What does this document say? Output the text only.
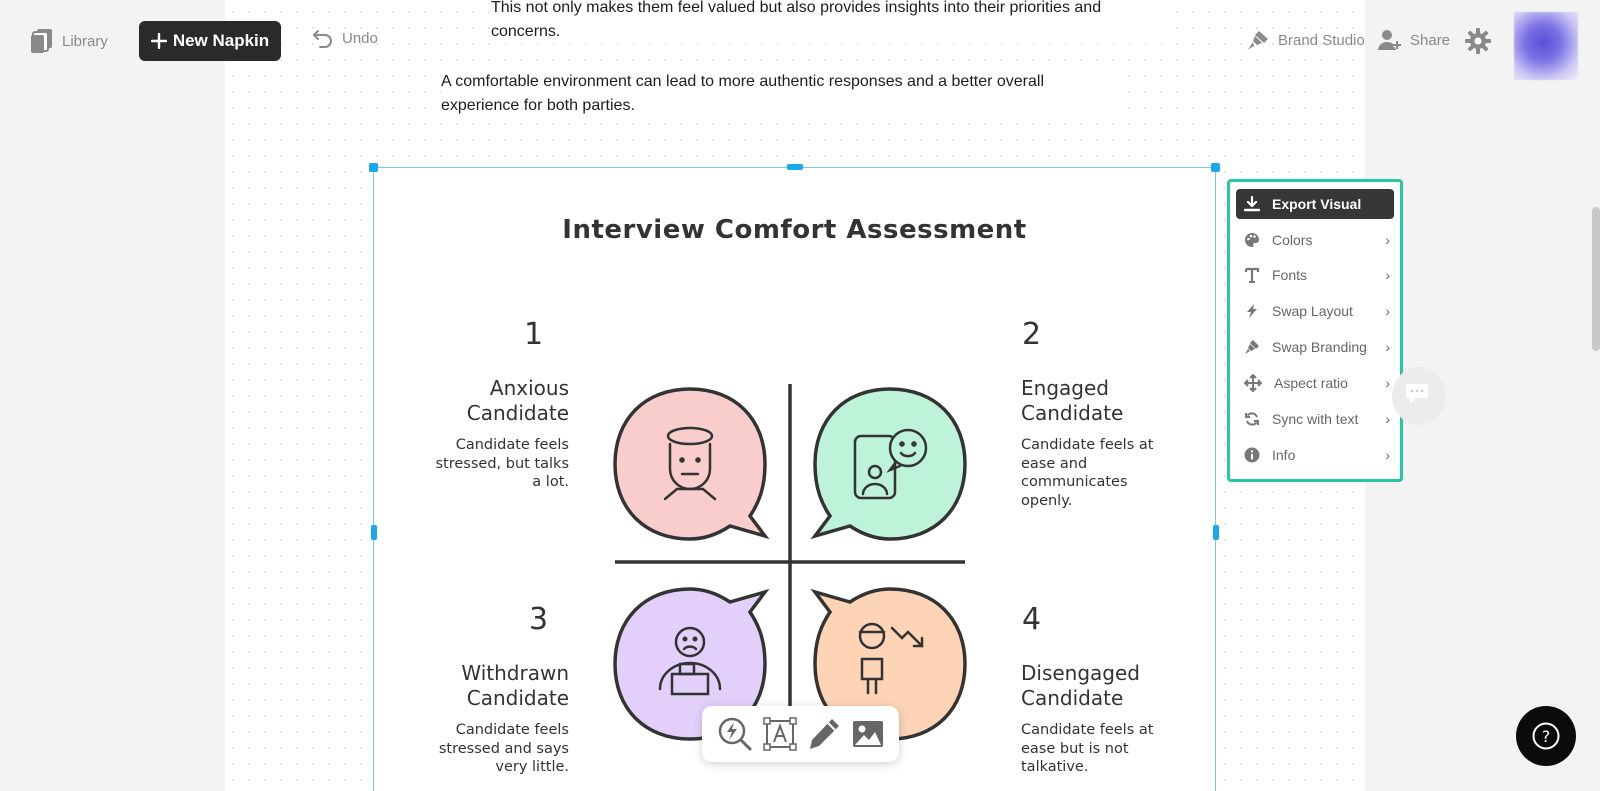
This not only makes them feel valued but also provides insights into their priorities and concerns.
A comfortable environment can lead to more authentic responses and a better overall experience for both parties.
Library	New Napkin	Undo	Brand Studio	Share
Interview Comfort Assessment
1
Anxious
Candidate
Candidate feels
stressed, but talks
a lot.
2
Engaged
Candidate
Candidate feels at
ease and
communicates
openly.
3
Withdrawn
Candidate
Candidate feels
stressed and says
very little.
4
Disengaged
Candidate
Candidate feels at
ease but is not
talkative.
Export Visual
Colors	›
Fonts	›
Swap Layout ›
Swap Branding ›
Aspect ratio	›
Sync with text ›
Info	›
?
